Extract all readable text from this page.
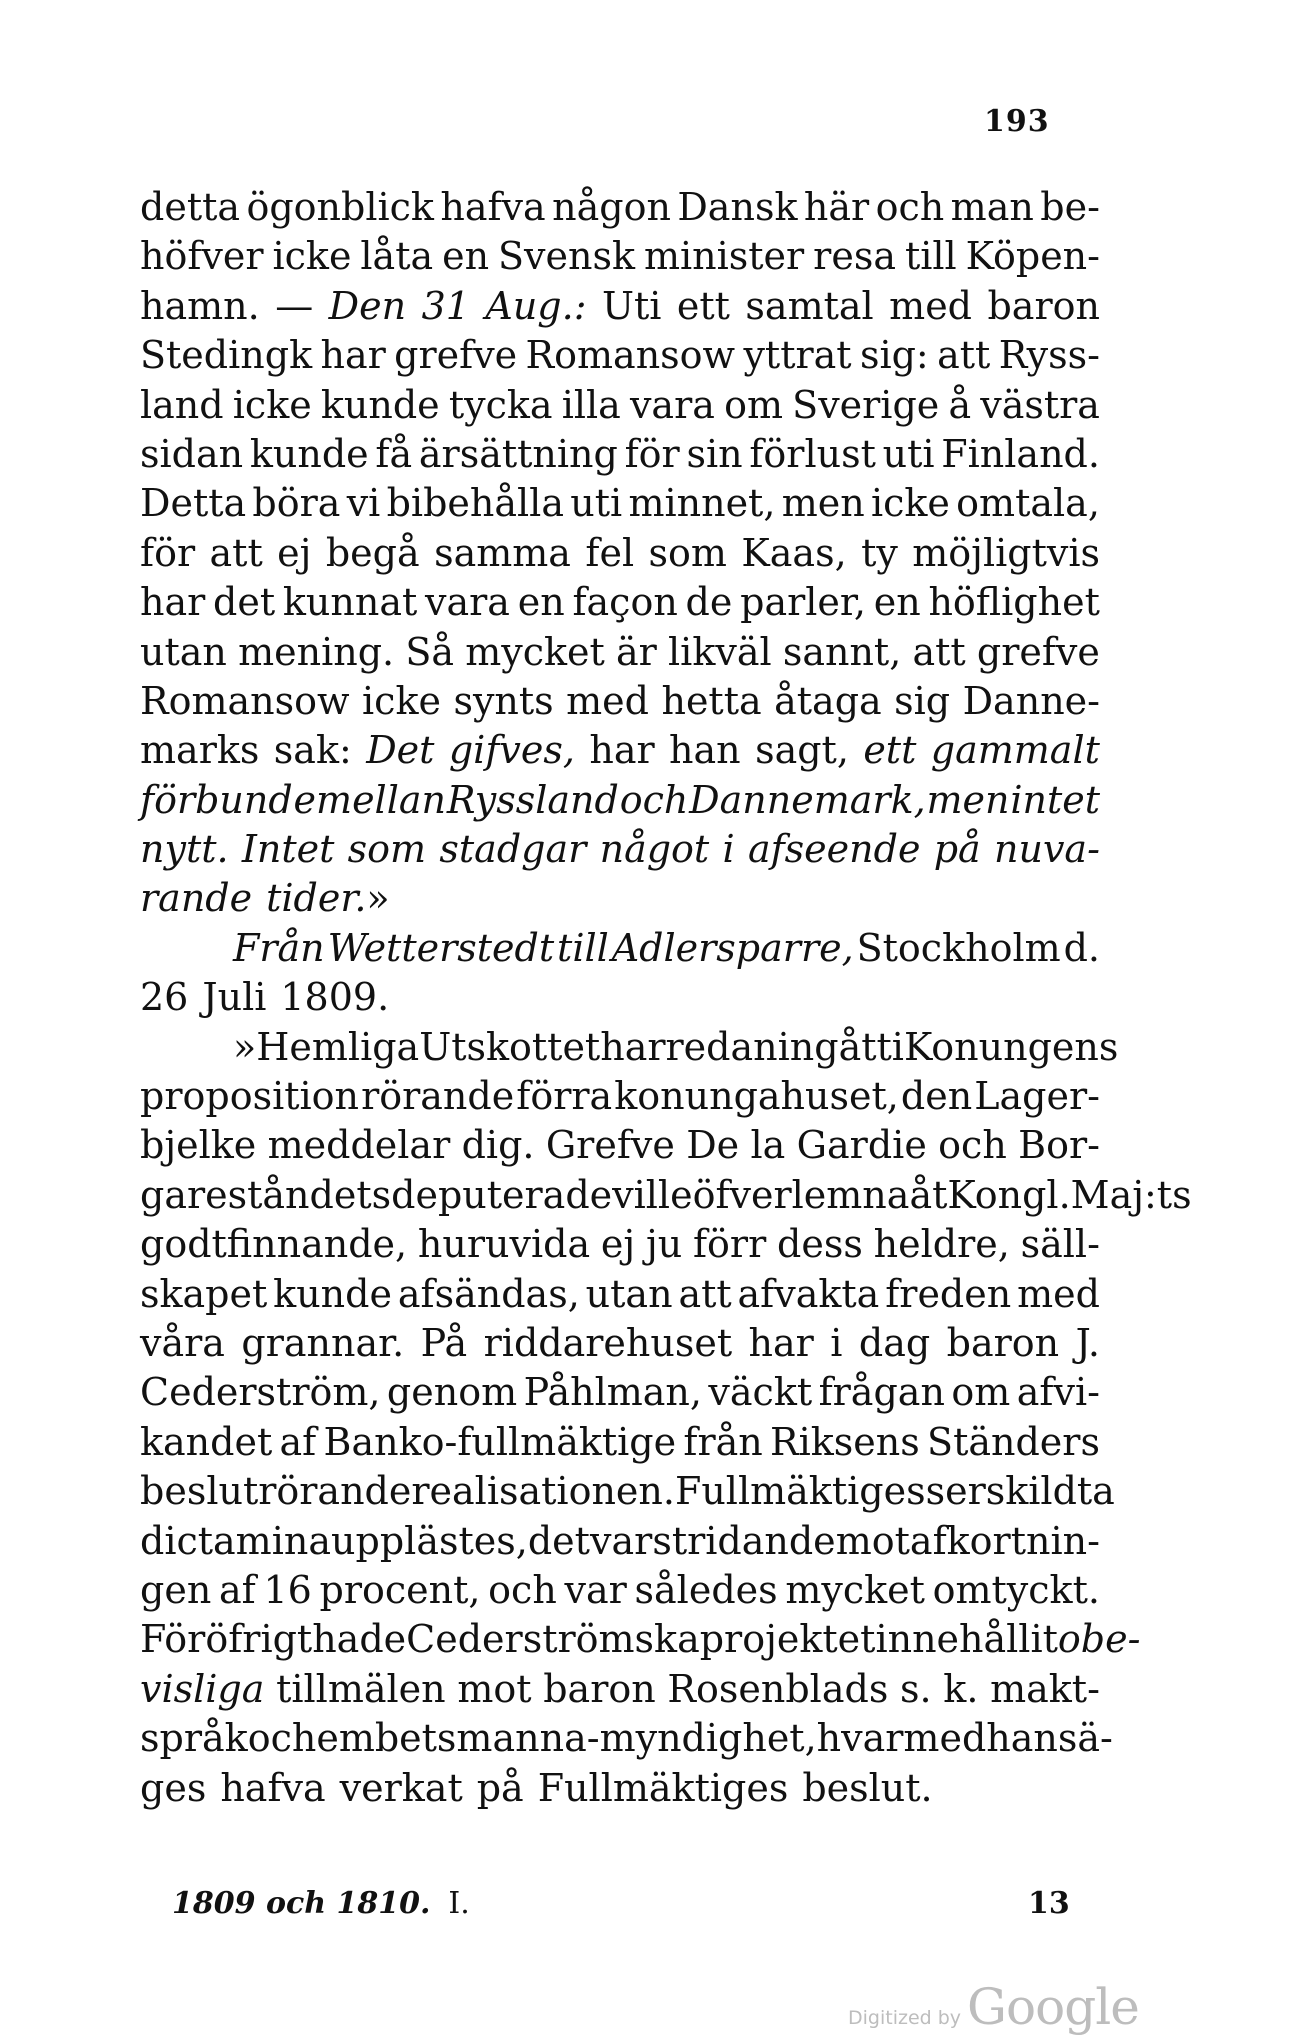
193
detta ögonblick hafva någon Dansk här och man be-
höfver icke låta en Svensk minister resa till Köpen-
hamn. — Den 31 Aug.: Uti ett samtal med baron
Stedingk har grefve Romansow yttrat sig: att Ryss-
land icke kunde tycka illa vara om Sverige å västra
sidan kunde få ärsättning för sin förlust uti Finland.
Detta böra vi bibehålla uti minnet, men icke omtala,
för att ej begå samma fel som Kaas, ty möjligtvis
har det kunnat vara en façon de parler, en höflighet
utan mening. Så mycket är likväl sannt, att grefve
Romansow icke synts med hetta åtaga sig Danne-
marks sak: Det gifves, har han sagt, ett gammalt
förbund emellan Ryssland och Dannemark, men intet
nytt. Intet som stadgar något i afseende på nuva-
rande tider.»
Från Wetterstedt till Adlersparre, Stockholm d.
26 Juli 1809.
»Hemliga Utskottet har redan ingått i Konungens
proposition rörande förra konungahuset, den Lager-
bjelke meddelar dig. Grefve De la Gardie och Bor-
gareståndets deputerade ville öfverlemna åt Kongl. Maj:ts
godtfinnande, huruvida ej ju förr dess heldre, säll-
skapet kunde afsändas, utan att afvakta freden med
våra grannar. På riddarehuset har i dag baron J.
Cederström, genom Påhlman, väckt frågan om afvi-
kandet af Banko-fullmäktige från Riksens Ständers
beslut rörande realisationen. Fullmäktiges serskildta
dictamina upplästes, det var stridande mot afkortnin-
gen af 16 procent, och var således mycket omtyckt.
För öfrigt hade Cederströmska projektet innehållit obe-
visliga tillmälen mot baron Rosenblads s. k. makt-
språk och embetsmanna-myndighet, hvarmed han sä-
ges hafva verkat på Fullmäktiges beslut.
1809 och 1810. I.	13
Digitized by Google
